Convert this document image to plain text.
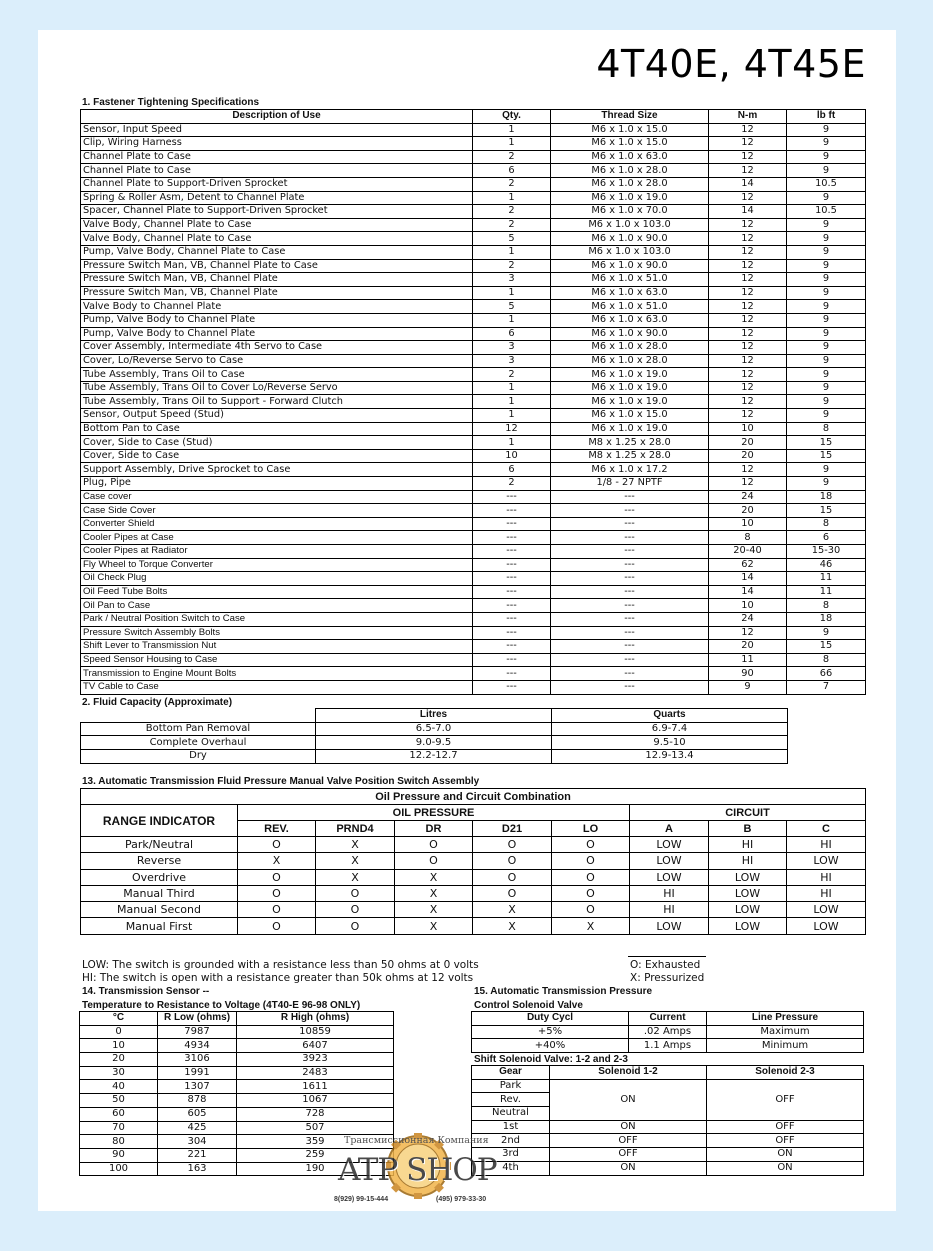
4T40E, 4T45E
1. Fastener Tightening Specifications
Description of Use	Qty.	Thread Size	N-m	lb ft
Sensor, Input Speed	1	M6 x 1.0 x 15.0	12	9
Clip, Wiring Harness	1	M6 x 1.0 x 15.0	12	9
Channel Plate to Case	2	M6 x 1.0 x 63.0	12	9
Channel Plate to Case	6	M6 x 1.0 x 28.0	12	9
Channel Plate to Support-Driven Sprocket	2	M6 x 1.0 x 28.0	14	10.5
Spring & Roller Asm, Detent to Channel Plate	1	M6 x 1.0 x 19.0	12	9
Spacer, Channel Plate to Support-Driven Sprocket	2	M6 x 1.0 x 70.0	14	10.5
Valve Body, Channel Plate to Case	2	M6 x 1.0 x 103.0	12	9
Valve Body, Channel Plate to Case	5	M6 x 1.0 x 90.0	12	9
Pump, Valve Body, Channel Plate to Case	1	M6 x 1.0 x 103.0	12	9
Pressure Switch Man, VB, Channel Plate to Case	2	M6 x 1.0 x 90.0	12	9
Pressure Switch Man, VB, Channel Plate	3	M6 x 1.0 x 51.0	12	9
Pressure Switch Man, VB, Channel Plate	1	M6 x 1.0 x 63.0	12	9
Valve Body to Channel Plate	5	M6 x 1.0 x 51.0	12	9
Pump, Valve Body to Channel Plate	1	M6 x 1.0 x 63.0	12	9
Pump, Valve Body to Channel Plate	6	M6 x 1.0 x 90.0	12	9
Cover Assembly, Intermediate 4th Servo to Case	3	M6 x 1.0 x 28.0	12	9
Cover, Lo/Reverse Servo to Case	3	M6 x 1.0 x 28.0	12	9
Tube Assembly, Trans Oil to Case	2	M6 x 1.0 x 19.0	12	9
Tube Assembly, Trans Oil to Cover Lo/Reverse Servo	1	M6 x 1.0 x 19.0	12	9
Tube Assembly, Trans Oil to Support - Forward Clutch	1	M6 x 1.0 x 19.0	12	9
Sensor, Output Speed (Stud)	1	M6 x 1.0 x 15.0	12	9
Bottom Pan to Case	12	M6 x 1.0 x 19.0	10	8
Cover, Side to Case (Stud)	1	M8 x 1.25 x 28.0	20	15
Cover, Side to Case	10	M8 x 1.25 x 28.0	20	15
Support Assembly, Drive Sprocket to Case	6	M6 x 1.0 x 17.2	12	9
Plug, Pipe	2	1/8 - 27 NPTF	12	9
Case cover	---	---	24	18
Case Side Cover	---	---	20	15
Converter Shield	---	---	10	8
Cooler Pipes at Case	---	---	8	6
Cooler Pipes at Radiator	---	---	20-40	15-30
Fly Wheel to Torque Converter	---	---	62	46
Oil Check Plug	---	---	14	11
Oil Feed Tube Bolts	---	---	14	11
Oil Pan to Case	---	---	10	8
Park / Neutral Position Switch to Case	---	---	24	18
Pressure Switch Assembly Bolts	---	---	12	9
Shift Lever to Transmission Nut	---	---	20	15
Speed Sensor Housing to Case	---	---	11	8
Transmission to Engine Mount Bolts	---	---	90	66
TV Cable to Case	---	---	9	7
2. Fluid Capacity (Approximate)
	Litres	Quarts
Bottom Pan Removal	6.5-7.0	6.9-7.4
Complete Overhaul	9.0-9.5	9.5-10
Dry	12.2-12.7	12.9-13.4
13. Automatic Transmission Fluid Pressure Manual Valve Position Switch Assembly
Oil Pressure and Circuit Combination								
RANGE INDICATOR	OIL PRESSURE					CIRCUIT		
	REV.	PRND4	DR	D21	LO	A	B	C
Park/Neutral	O	X	O	O	O	LOW	HI	HI
Reverse	X	X	O	O	O	LOW	HI	LOW
Overdrive	O	X	X	O	O	LOW	LOW	HI
Manual Third	O	O	X	O	O	HI	LOW	HI
Manual Second	O	O	X	X	O	HI	LOW	LOW
Manual First	O	O	X	X	X	LOW	LOW	LOW
LOW: The switch is grounded with a resistance less than 50 ohms at 0 volts
HI: The switch is open with a resistance greater than 50k ohms at 12 volts
O: Exhausted
X: Pressurized
14. Transmission Sensor --
Temperature to Resistance to Voltage (4T40-E 96-98 ONLY)
°C	R Low (ohms)	R High (ohms)
0	7987	10859
10	4934	6407
20	3106	3923
30	1991	2483
40	1307	1611
50	878	1067
60	605	728
70	425	507
80	304	359
90	221	259
100	163	190
15. Automatic Transmission Pressure
Control Solenoid Valve
Duty Cycl	Current	Line Pressure
+5%	.02 Amps	Maximum
+40%	1.1 Amps	Minimum
Shift Solenoid Valve: 1-2 and 2-3
Gear	Solenoid 1-2	Solenoid 2-3
Park	ON	OFF
Rev.		
Neutral		
1st	ON	OFF
2nd	OFF	OFF
3rd	OFF	ON
4th	ON	ON
Трансмиссионная Компания
ATP SHOP
8(929) 99-15-444	(495) 979-33-30
